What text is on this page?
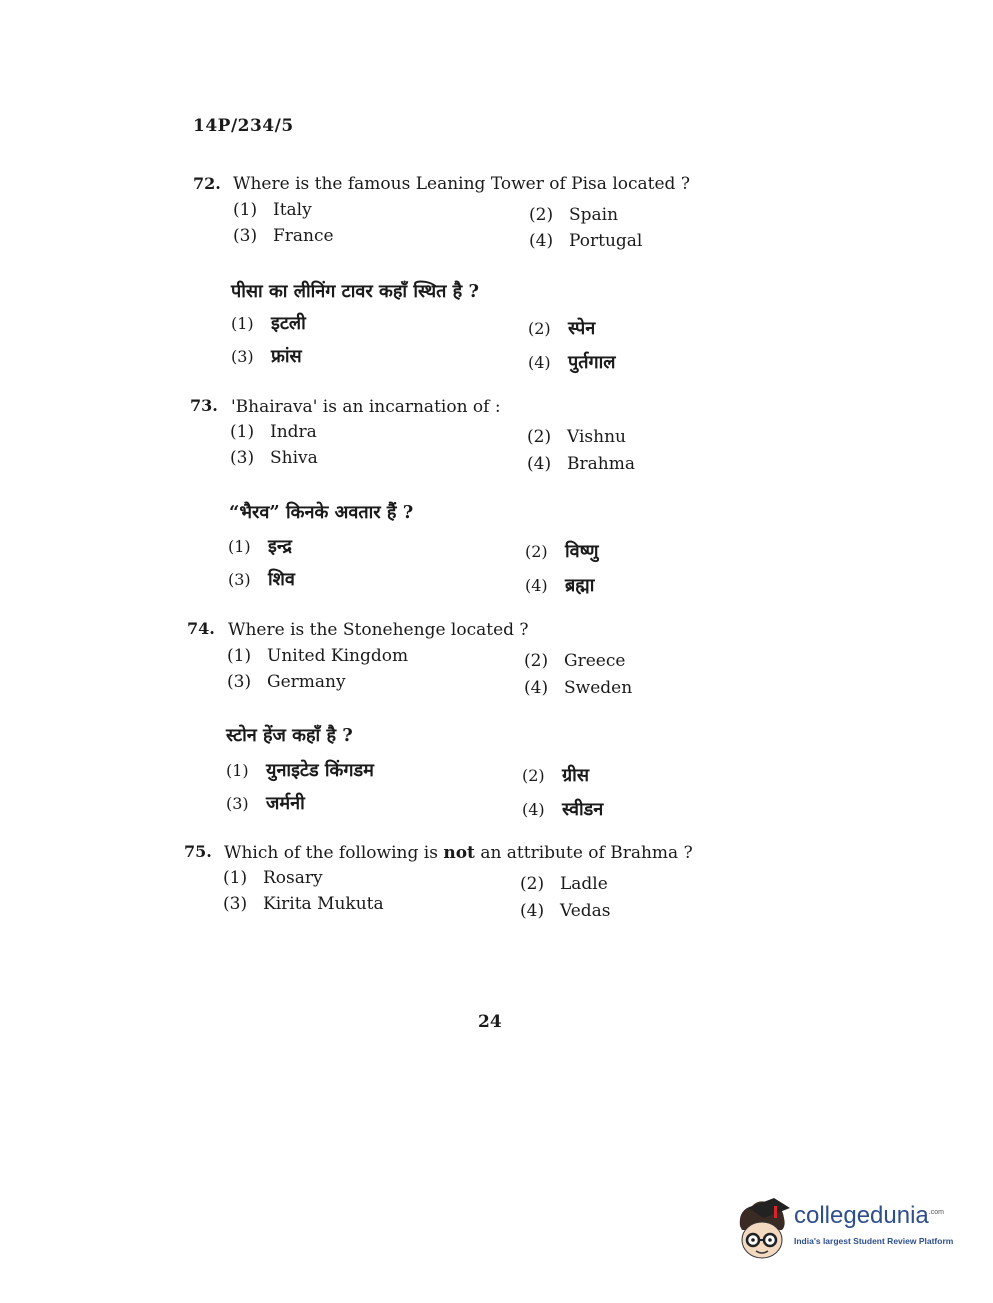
14P/234/5
72. Where is the famous Leaning Tower of Pisa located ?
(1) Italy	(2) Spain
(3) France	(4) Portugal
पीसा का लीनिंग टावर कहाँ स्थित है ?
(1) इटली	(2) स्पेन
(3) फ्रांस	(4) पुर्तगाल
73. 'Bhairava' is an incarnation of :
(1) Indra	(2) Vishnu
(3) Shiva	(4) Brahma
“भैरव” किनके अवतार हैं ?
(1) इन्द्र	(2) विष्णु
(3) शिव	(4) ब्रह्मा
74. Where is the Stonehenge located ?
(1) United Kingdom	(2) Greece
(3) Germany	(4) Sweden
स्टोन हेंज कहाँ है ?
(1) युनाइटेड किंगडम	(2) ग्रीस
(3) जर्मनी	(4) स्वीडन
75. Which of the following is not an attribute of Brahma ?
(1) Rosary	(2) Ladle
(3) Kirita Mukuta	(4) Vedas
24
collegedunia$^{.com}$
India's largest Student Review Platform
